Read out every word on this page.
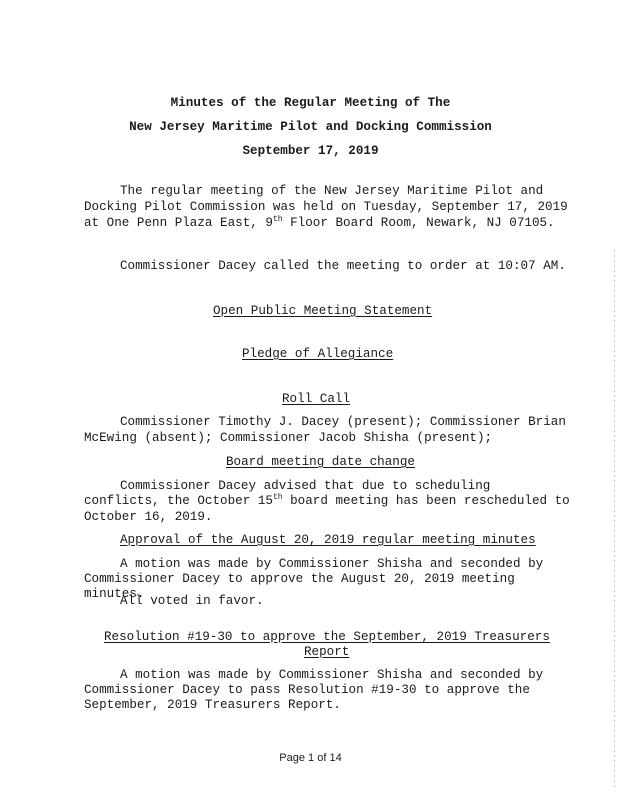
Minutes of the Regular Meeting of The
New Jersey Maritime Pilot and Docking Commission
September 17, 2019
The regular meeting of the New Jersey Maritime Pilot and
Docking Pilot Commission was held on Tuesday, September 17, 2019
at One Penn Plaza East, 9th Floor Board Room, Newark, NJ 07105.
Commissioner Dacey called the meeting to order at 10:07 AM.
Open Public Meeting Statement
Pledge of Allegiance
Roll Call
Commissioner Timothy J. Dacey (present); Commissioner Brian
McEwing (absent); Commissioner Jacob Shisha (present);
Board meeting date change
Commissioner Dacey advised that due to scheduling
conflicts, the October 15th board meeting has been rescheduled to
October 16, 2019.
Approval of the August 20, 2019 regular meeting minutes
A motion was made by Commissioner Shisha and seconded by
Commissioner Dacey to approve the August 20, 2019 meeting
minutes.
All voted in favor.
Resolution #19-30 to approve the September, 2019 Treasurers
Report
A motion was made by Commissioner Shisha and seconded by
Commissioner Dacey to pass Resolution #19-30 to approve the
September, 2019 Treasurers Report.
Page 1 of 14
